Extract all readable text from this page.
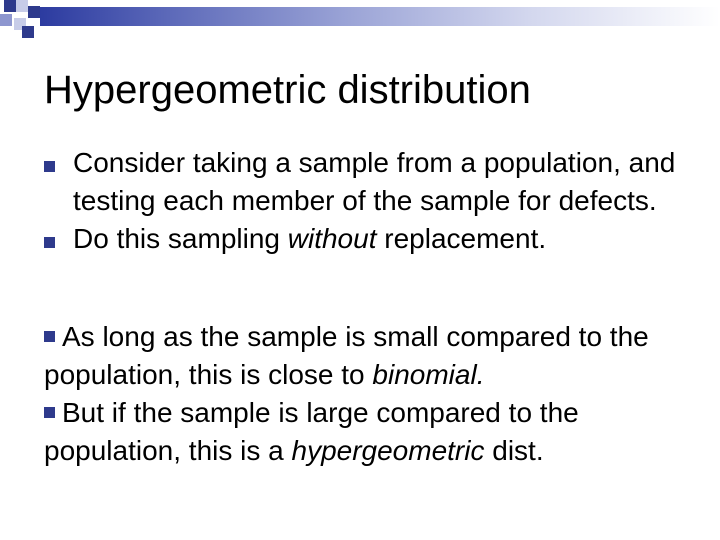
Hypergeometric distribution

Consider taking a sample from a population, and testing each member of the sample for defects.

Do this sampling without replacement.

As long as the sample is small compared to the population, this is close to binomial.

But if the sample is large compared to the population, this is a hypergeometric dist.
